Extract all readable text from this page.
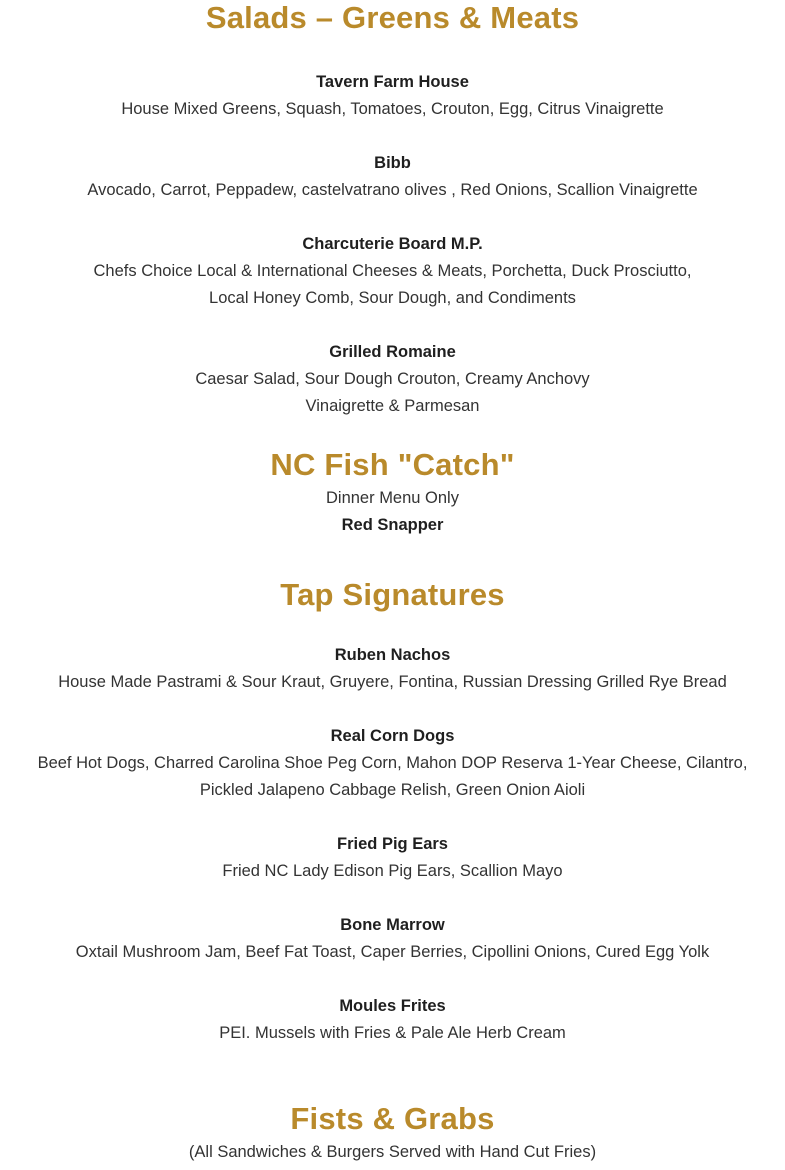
Salads – Greens & Meats
Tavern Farm House
House Mixed Greens, Squash, Tomatoes, Crouton, Egg, Citrus Vinaigrette
Bibb
Avocado, Carrot, Peppadew, castelvatrano olives , Red Onions, Scallion Vinaigrette
Charcuterie Board M.P.
Chefs Choice Local & International Cheeses & Meats, Porchetta, Duck Prosciutto,
Local Honey Comb, Sour Dough, and Condiments
Grilled Romaine
Caesar Salad, Sour Dough Crouton, Creamy Anchovy
Vinaigrette & Parmesan
NC Fish "Catch"
Dinner Menu Only
Red Snapper
Tap Signatures
Ruben Nachos
House Made Pastrami & Sour Kraut, Gruyere, Fontina, Russian Dressing Grilled Rye Bread
Real Corn Dogs
Beef Hot Dogs, Charred Carolina Shoe Peg Corn, Mahon DOP Reserva 1-Year Cheese, Cilantro,
Pickled Jalapeno Cabbage Relish, Green Onion Aioli
Fried Pig Ears
Fried NC Lady Edison Pig Ears, Scallion Mayo
Bone Marrow
Oxtail Mushroom Jam, Beef Fat Toast, Caper Berries, Cipollini Onions, Cured Egg Yolk
Moules Frites
PEI. Mussels with Fries & Pale Ale Herb Cream
Fists & Grabs
(All Sandwiches & Burgers Served with Hand Cut Fries)
